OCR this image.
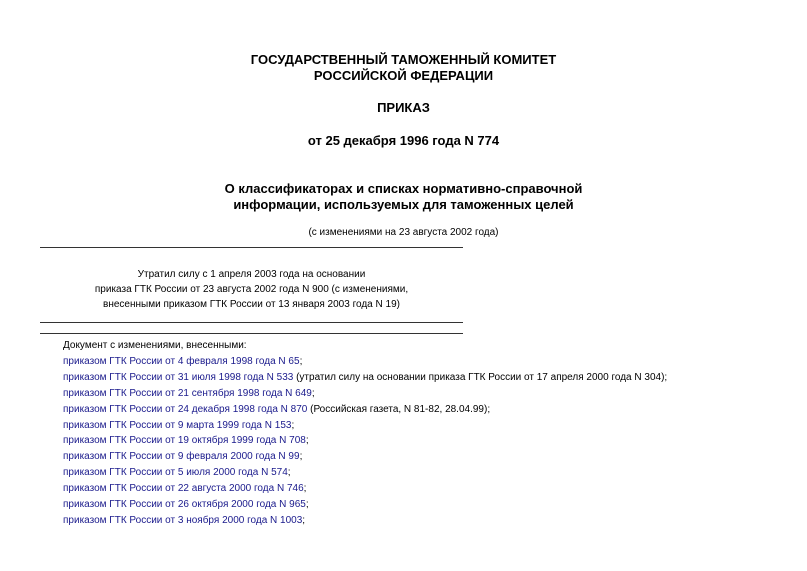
ГОСУДАРСТВЕННЫЙ ТАМОЖЕННЫЙ КОМИТЕТ
РОССИЙСКОЙ ФЕДЕРАЦИИ
ПРИКАЗ
от 25 декабря 1996 года N 774
О классификаторах и списках нормативно-справочной
информации, используемых для таможенных целей
(с изменениями на 23 августа 2002 года)
Утратил силу с 1 апреля 2003 года на основании
приказа ГТК России от 23 августа 2002 года N 900 (с изменениями,
внесенными приказом ГТК России от 13 января 2003 года N 19)
Документ с изменениями, внесенными:
приказом ГТК России от 4 февраля 1998 года N 65;
приказом ГТК России от 31 июля 1998 года N 533 (утратил силу на основании приказа ГТК России от 17 апреля 2000 года N 304);
приказом ГТК России от 21 сентября 1998 года N 649;
приказом ГТК России от 24 декабря 1998 года N 870 (Российская газета, N 81-82, 28.04.99);
приказом ГТК России от 9 марта 1999 года N 153;
приказом ГТК России от 19 октября 1999 года N 708;
приказом ГТК России от 9 февраля 2000 года N 99;
приказом ГТК России от 5 июля 2000 года N 574;
приказом ГТК России от 22 августа 2000 года N 746;
приказом ГТК России от 26 октября 2000 года N 965;
приказом ГТК России от 3 ноября 2000 года N 1003;
